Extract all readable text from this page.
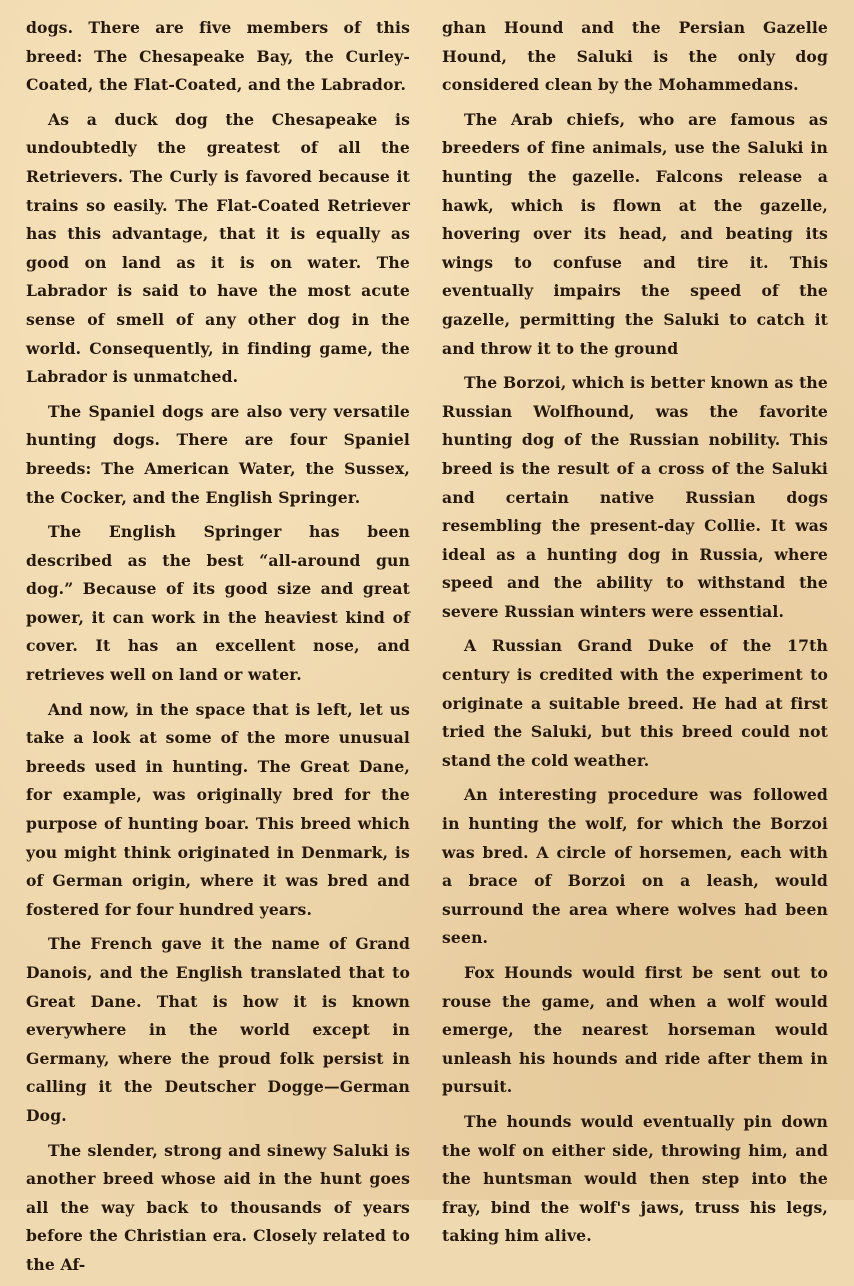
dogs. There are five members of this breed: The Chesapeake Bay, the Curley-Coated, the Flat-Coated, and the Labrador.

As a duck dog the Chesapeake is undoubtedly the greatest of all the Retrievers. The Curly is favored because it trains so easily. The Flat-Coated Retriever has this advantage, that it is equally as good on land as it is on water. The Labrador is said to have the most acute sense of smell of any other dog in the world. Consequently, in finding game, the Labrador is unmatched.

The Spaniel dogs are also very versatile hunting dogs. There are four Spaniel breeds: The American Water, the Sussex, the Cocker, and the English Springer.

The English Springer has been described as the best “all-around gun dog.” Because of its good size and great power, it can work in the heaviest kind of cover. It has an excellent nose, and retrieves well on land or water.

And now, in the space that is left, let us take a look at some of the more unusual breeds used in hunting. The Great Dane, for example, was originally bred for the purpose of hunting boar. This breed which you might think originated in Denmark, is of German origin, where it was bred and fostered for four hundred years.

The French gave it the name of Grand Danois, and the English translated that to Great Dane. That is how it is known everywhere in the world except in Germany, where the proud folk persist in calling it the Deutscher Dogge—German Dog.

The slender, strong and sinewy Saluki is another breed whose aid in the hunt goes all the way back to thousands of years before the Christian era. Closely related to the Af-

ghan Hound and the Persian Gazelle Hound, the Saluki is the only dog considered clean by the Mohammedans.

The Arab chiefs, who are famous as breeders of fine animals, use the Saluki in hunting the gazelle. Falcons release a hawk, which is flown at the gazelle, hovering over its head, and beating its wings to confuse and tire it. This eventually impairs the speed of the gazelle, permitting the Saluki to catch it and throw it to the ground

The Borzoi, which is better known as the Russian Wolfhound, was the favorite hunting dog of the Russian nobility. This breed is the result of a cross of the Saluki and certain native Russian dogs resembling the present-day Collie. It was ideal as a hunting dog in Russia, where speed and the ability to withstand the severe Russian winters were essential.

A Russian Grand Duke of the 17th century is credited with the experiment to originate a suitable breed. He had at first tried the Saluki, but this breed could not stand the cold weather.

An interesting procedure was followed in hunting the wolf, for which the Borzoi was bred. A circle of horsemen, each with a brace of Borzoi on a leash, would surround the area where wolves had been seen.

Fox Hounds would first be sent out to rouse the game, and when a wolf would emerge, the nearest horseman would unleash his hounds and ride after them in pursuit.

The hounds would eventually pin down the wolf on either side, throwing him, and the huntsman would then step into the fray, bind the wolf's jaws, truss his legs, taking him alive.
